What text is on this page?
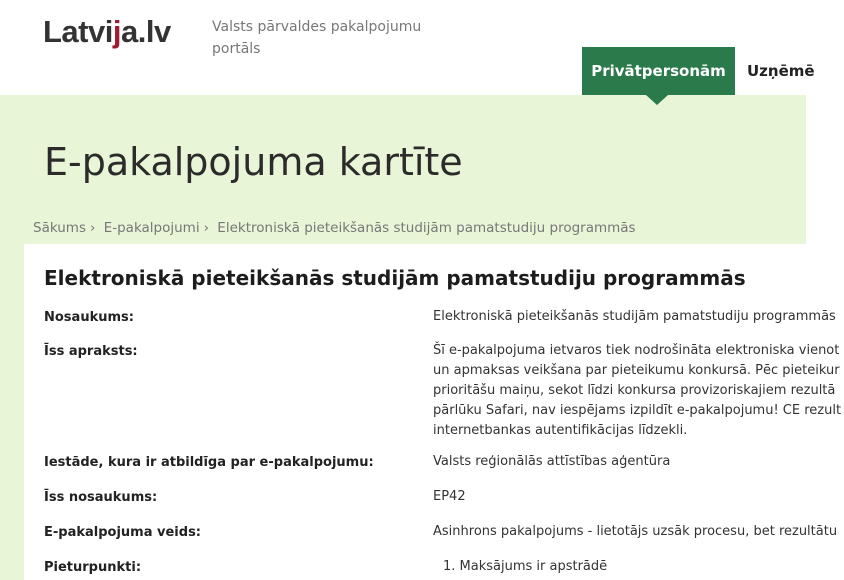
Latvija.lv	Valsts pārvaldes pakalpojumu portāls
Privātpersonām	Uzņēmē
E-pakalpojuma kartīte
Sākums › E-pakalpojumi › Elektroniskā pieteikšanās studijām pamatstudiju programmās
Elektroniskā pieteikšanās studijām pamatstudiju programmās
Nosaukums:	Elektroniskā pieteikšanās studijām pamatstudiju programmās
Īss apraksts:	Šī e-pakalpojuma ietvaros tiek nodrošināta elektroniska vienot
un apmaksas veikšana par pieteikumu konkursā. Pēc pieteikur
prioritāšu maiņu, sekot līdzi konkursa provizoriskajiem rezultā
pārlūku Safari, nav iespējams izpildīt e-pakalpojumu! CE rezult
internetbankas autentifikācijas līdzekli.
Iestāde, kura ir atbildīga par e-pakalpojumu:	Valsts reģionālās attīstības aģentūra
Īss nosaukums:	EP42
E-pakalpojuma veids:	Asinhrons pakalpojums - lietotājs uzsāk procesu, bet rezultātu
Pieturpunkti:	1. Maksājums ir apstrādē
